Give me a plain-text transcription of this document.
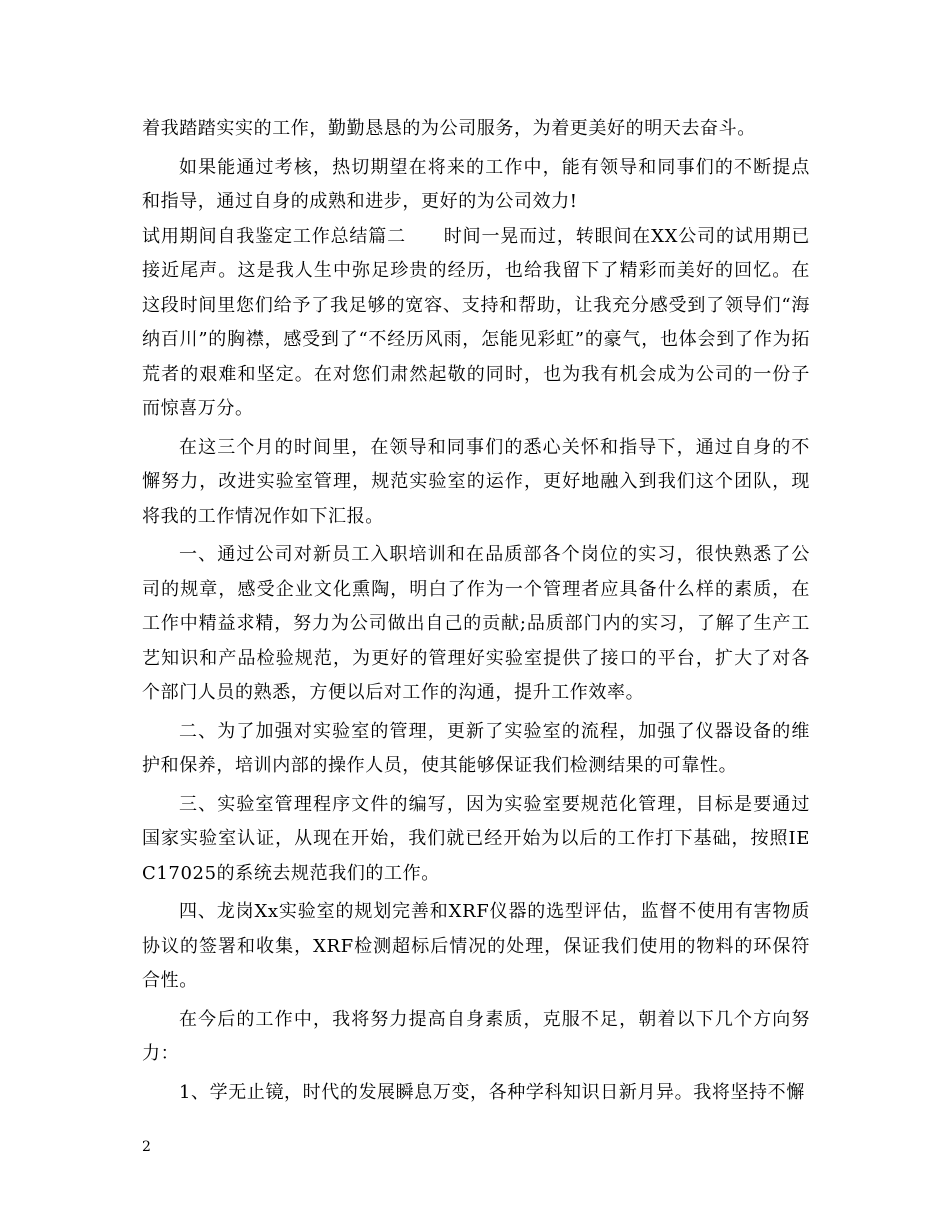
着我踏踏实实的工作，勤勤恳恳的为公司服务，为着更美好的明天去奋斗。

如果能通过考核，热切期望在将来的工作中，能有领导和同事们的不断提点和指导，通过自身的成熟和进步，更好的为公司效力!

试用期间自我鉴定工作总结篇二　　时间一晃而过，转眼间在XX公司的试用期已接近尾声。这是我人生中弥足珍贵的经历，也给我留下了精彩而美好的回忆。在这段时间里您们给予了我足够的宽容、支持和帮助，让我充分感受到了领导们“海纳百川”的胸襟，感受到了“不经历风雨，怎能见彩虹”的豪气，也体会到了作为拓荒者的艰难和坚定。在对您们肃然起敬的同时，也为我有机会成为公司的一份子而惊喜万分。

在这三个月的时间里，在领导和同事们的悉心关怀和指导下，通过自身的不懈努力，改进实验室管理，规范实验室的运作，更好地融入到我们这个团队，现将我的工作情况作如下汇报。

一、通过公司对新员工入职培训和在品质部各个岗位的实习，很快熟悉了公司的规章，感受企业文化熏陶，明白了作为一个管理者应具备什么样的素质，在工作中精益求精，努力为公司做出自己的贡献;品质部门内的实习，了解了生产工艺知识和产品检验规范，为更好的管理好实验室提供了接口的平台，扩大了对各个部门人员的熟悉，方便以后对工作的沟通，提升工作效率。

二、为了加强对实验室的管理，更新了实验室的流程，加强了仪器设备的维护和保养，培训内部的操作人员，使其能够保证我们检测结果的可靠性。

三、实验室管理程序文件的编写，因为实验室要规范化管理，目标是要通过国家实验室认证，从现在开始，我们就已经开始为以后的工作打下基础，按照IEC17025的系统去规范我们的工作。

四、龙岗Xx实验室的规划完善和XRF仪器的选型评估，监督不使用有害物质协议的签署和收集，XRF检测超标后情况的处理，保证我们使用的物料的环保符合性。

在今后的工作中，我将努力提高自身素质，克服不足，朝着以下几个方向努力：

1、学无止镜，时代的发展瞬息万变，各种学科知识日新月异。我将坚持不懈

2
